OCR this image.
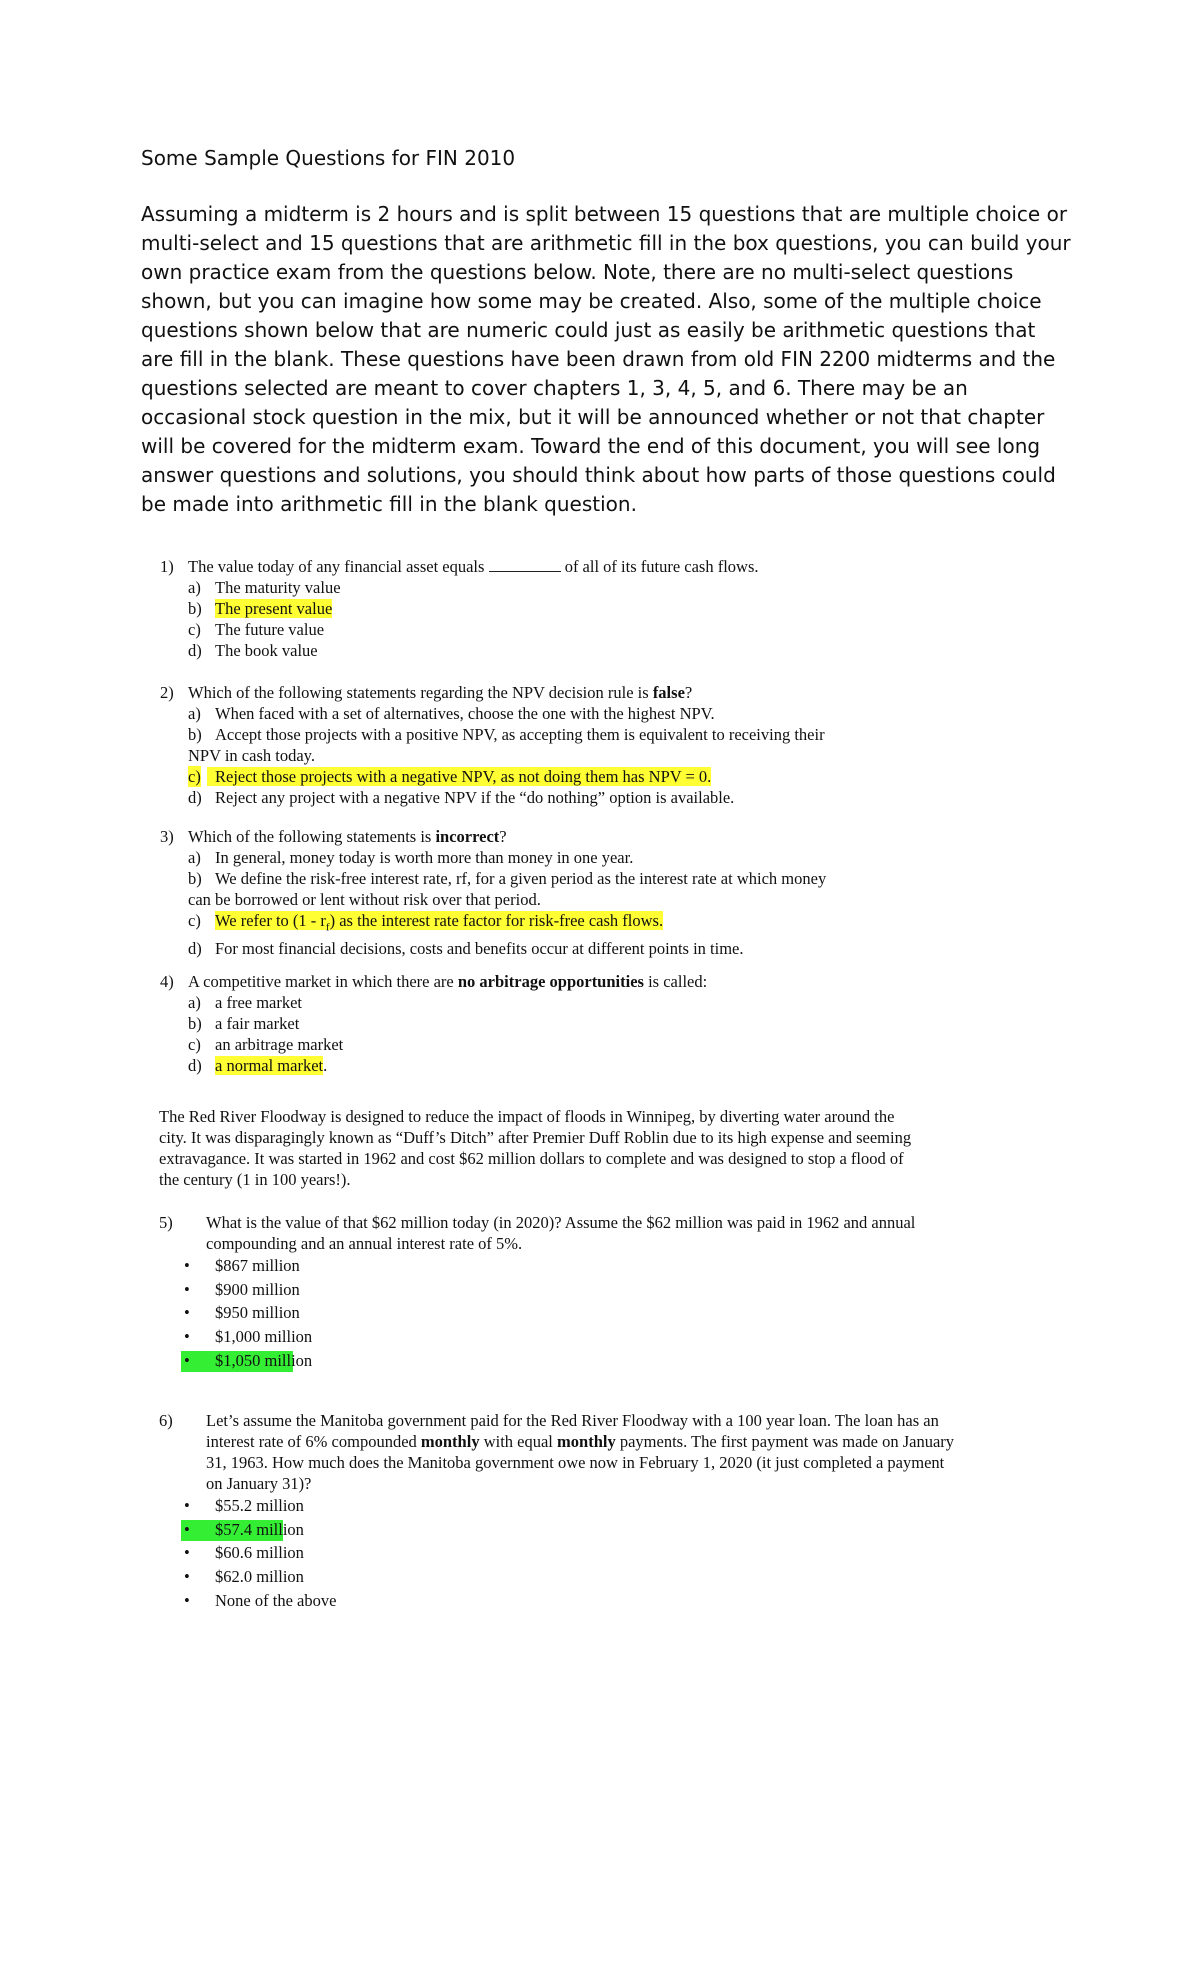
Some Sample Questions for FIN 2010
Assuming a midterm is 2 hours and is split between 15 questions that are multiple choice or multi-select and 15 questions that are arithmetic fill in the box questions, you can build your own practice exam from the questions below. Note, there are no multi-select questions shown, but you can imagine how some may be created. Also, some of the multiple choice questions shown below that are numeric could just as easily be arithmetic questions that are fill in the blank. These questions have been drawn from old FIN 2200 midterms and the questions selected are meant to cover chapters 1, 3, 4, 5, and 6. There may be an occasional stock question in the mix, but it will be announced whether or not that chapter will be covered for the midterm exam. Toward the end of this document, you will see long answer questions and solutions, you should think about how parts of those questions could be made into arithmetic fill in the blank question.
1) The value today of any financial asset equals	of all of its future cash flows.
a) The maturity value
b) The present value
c) The future value
d) The book value
2) Which of the following statements regarding the NPV decision rule is false?
a) When faced with a set of alternatives, choose the one with the highest NPV.
b) Accept those projects with a positive NPV, as accepting them is equivalent to receiving their
NPV in cash today.
c) Reject those projects with a negative NPV, as not doing them has NPV = 0.
d) Reject any project with a negative NPV if the “do nothing” option is available.
3) Which of the following statements is incorrect?
a) In general, money today is worth more than money in one year.
b) We define the risk-free interest rate, rf, for a given period as the interest rate at which money
can be borrowed or lent without risk over that period.
c) We refer to $(1 - r_f)$ as the interest rate factor for risk-free cash flows.
d) For most financial decisions, costs and benefits occur at different points in time.
4) A competitive market in which there are no arbitrage opportunities is called:
a) a free market
b) a fair market
c) an arbitrage market
d) a normal market.
The Red River Floodway is designed to reduce the impact of floods in Winnipeg, by diverting water around the city. It was disparagingly known as “Duff’s Ditch” after Premier Duff Roblin due to its high expense and seeming extravagance. It was started in 1962 and cost $62 million dollars to complete and was designed to stop a flood of the century (1 in 100 years!).
5) What is the value of that $62 million today (in 2020)? Assume the $62 million was paid in 1962 and annual compounding and an annual interest rate of 5%.
• $867 million
• $900 million
• $950 million
• $1,000 million
• $1,050 million
6) Let’s assume the Manitoba government paid for the Red River Floodway with a 100 year loan. The loan has an interest rate of 6% compounded monthly with equal monthly payments. The first payment was made on January 31, 1963. How much does the Manitoba government owe now in February 1, 2020 (it just completed a payment on January 31)?
• $55.2 million
• $57.4 million
• $60.6 million
• $62.0 million
• None of the above
